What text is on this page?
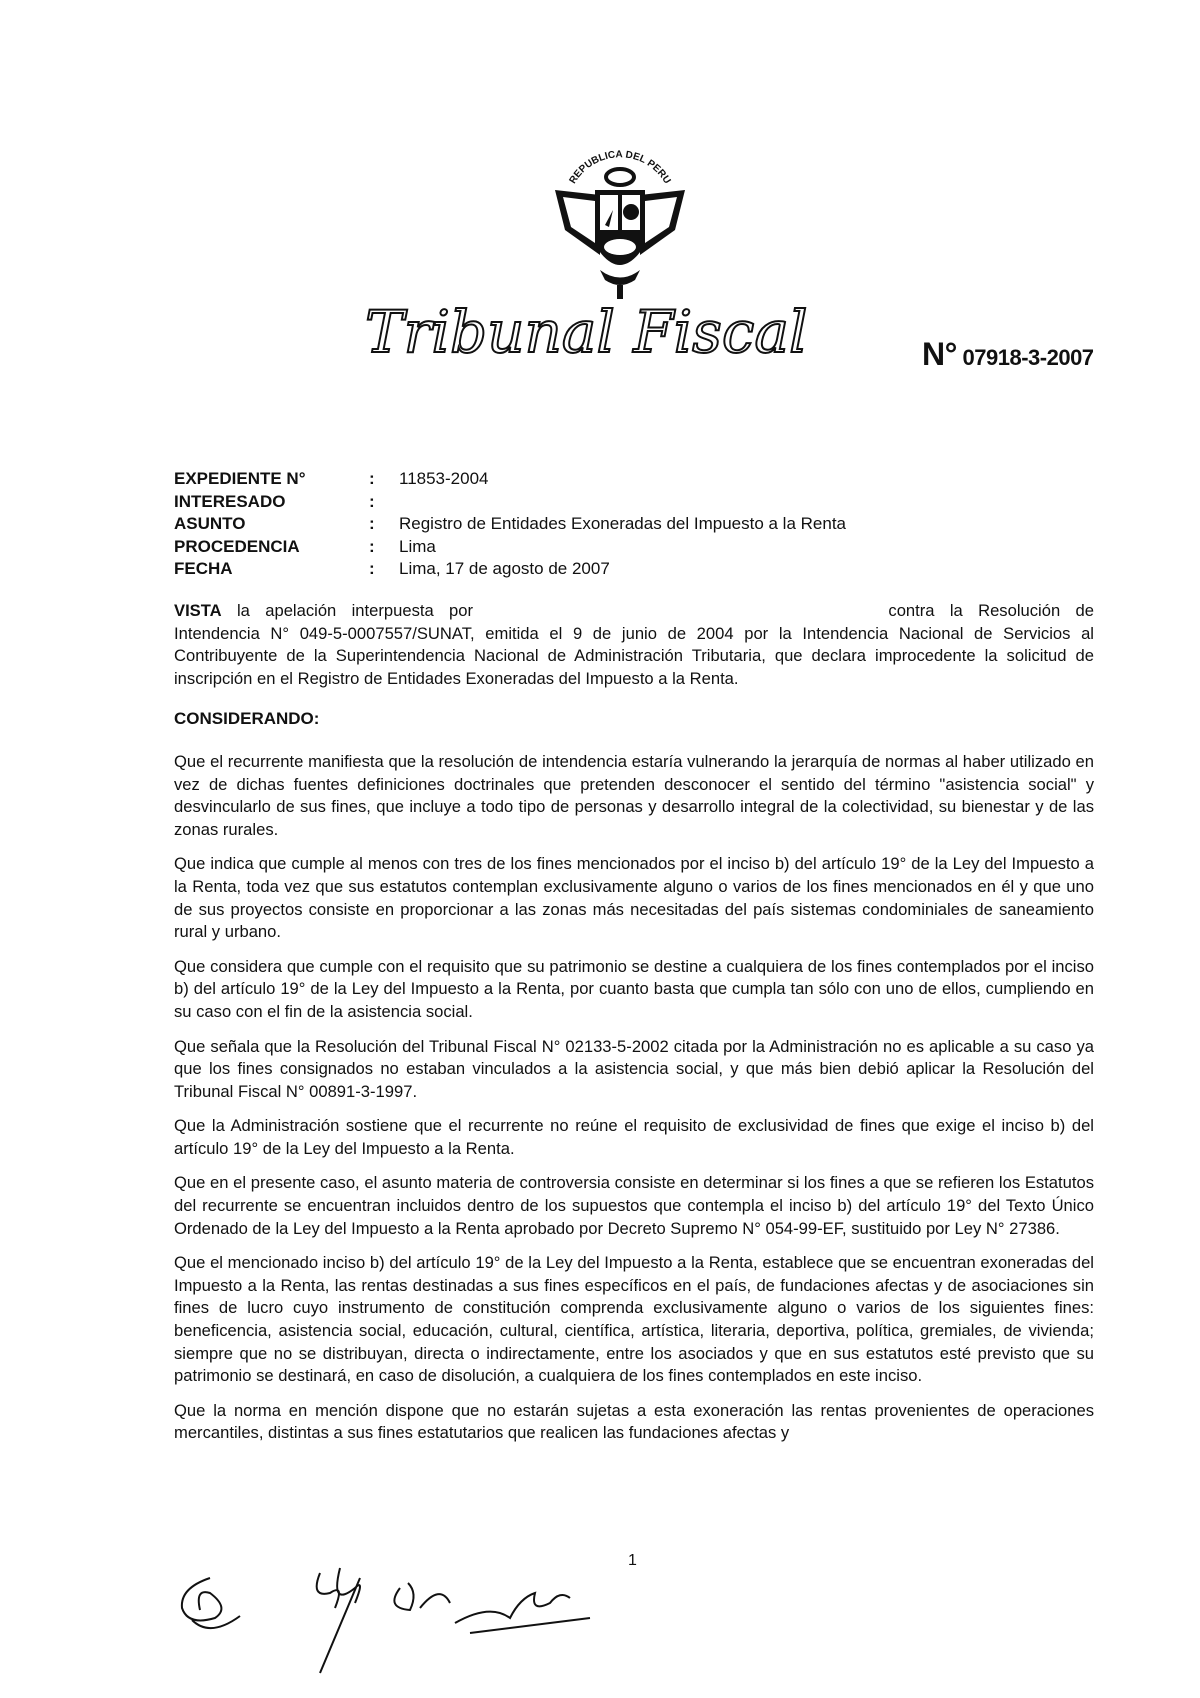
REPUBLICA DEL PERU
Tribunal Fiscal	N° 07918-3-2007
EXPEDIENTE N°	:	11853-2004
INTERESADO	:
ASUNTO	:	Registro de Entidades Exoneradas del Impuesto a la Renta
PROCEDENCIA	:	Lima
FECHA	:	Lima, 17 de agosto de 2007

VISTA la apelación interpuesta por	contra la Resolución de Intendencia N° 049-5-0007557/SUNAT, emitida el 9 de junio de 2004 por la Intendencia Nacional de Servicios al Contribuyente de la Superintendencia Nacional de Administración Tributaria, que declara improcedente la solicitud de inscripción en el Registro de Entidades Exoneradas del Impuesto a la Renta.

CONSIDERANDO:

Que el recurrente manifiesta que la resolución de intendencia estaría vulnerando la jerarquía de normas al haber utilizado en vez de dichas fuentes definiciones doctrinales que pretenden desconocer el sentido del término "asistencia social" y desvincularlo de sus fines, que incluye a todo tipo de personas y desarrollo integral de la colectividad, su bienestar y de las zonas rurales.

Que indica que cumple al menos con tres de los fines mencionados por el inciso b) del artículo 19° de la Ley del Impuesto a la Renta, toda vez que sus estatutos contemplan exclusivamente alguno o varios de los fines mencionados en él y que uno de sus proyectos consiste en proporcionar a las zonas más necesitadas del país sistemas condominiales de saneamiento rural y urbano.

Que considera que cumple con el requisito que su patrimonio se destine a cualquiera de los fines contemplados por el inciso b) del artículo 19° de la Ley del Impuesto a la Renta, por cuanto basta que cumpla tan sólo con uno de ellos, cumpliendo en su caso con el fin de la asistencia social.

Que señala que la Resolución del Tribunal Fiscal N° 02133-5-2002 citada por la Administración no es aplicable a su caso ya que los fines consignados no estaban vinculados a la asistencia social, y que más bien debió aplicar la Resolución del Tribunal Fiscal N° 00891-3-1997.

Que la Administración sostiene que el recurrente no reúne el requisito de exclusividad de fines que exige el inciso b) del artículo 19° de la Ley del Impuesto a la Renta.

Que en el presente caso, el asunto materia de controversia consiste en determinar si los fines a que se refieren los Estatutos del recurrente se encuentran incluidos dentro de los supuestos que contempla el inciso b) del artículo 19° del Texto Único Ordenado de la Ley del Impuesto a la Renta aprobado por Decreto Supremo N° 054-99-EF, sustituido por Ley N° 27386.

Que el mencionado inciso b) del artículo 19° de la Ley del Impuesto a la Renta, establece que se encuentran exoneradas del Impuesto a la Renta, las rentas destinadas a sus fines específicos en el país, de fundaciones afectas y de asociaciones sin fines de lucro cuyo instrumento de constitución comprenda exclusivamente alguno o varios de los siguientes fines: beneficencia, asistencia social, educación, cultural, científica, artística, literaria, deportiva, política, gremiales, de vivienda; siempre que no se distribuyan, directa o indirectamente, entre los asociados y que en sus estatutos esté previsto que su patrimonio se destinará, en caso de disolución, a cualquiera de los fines contemplados en este inciso.

Que la norma en mención dispone que no estarán sujetas a esta exoneración las rentas provenientes de operaciones mercantiles, distintas a sus fines estatutarios que realicen las fundaciones afectas y

1
